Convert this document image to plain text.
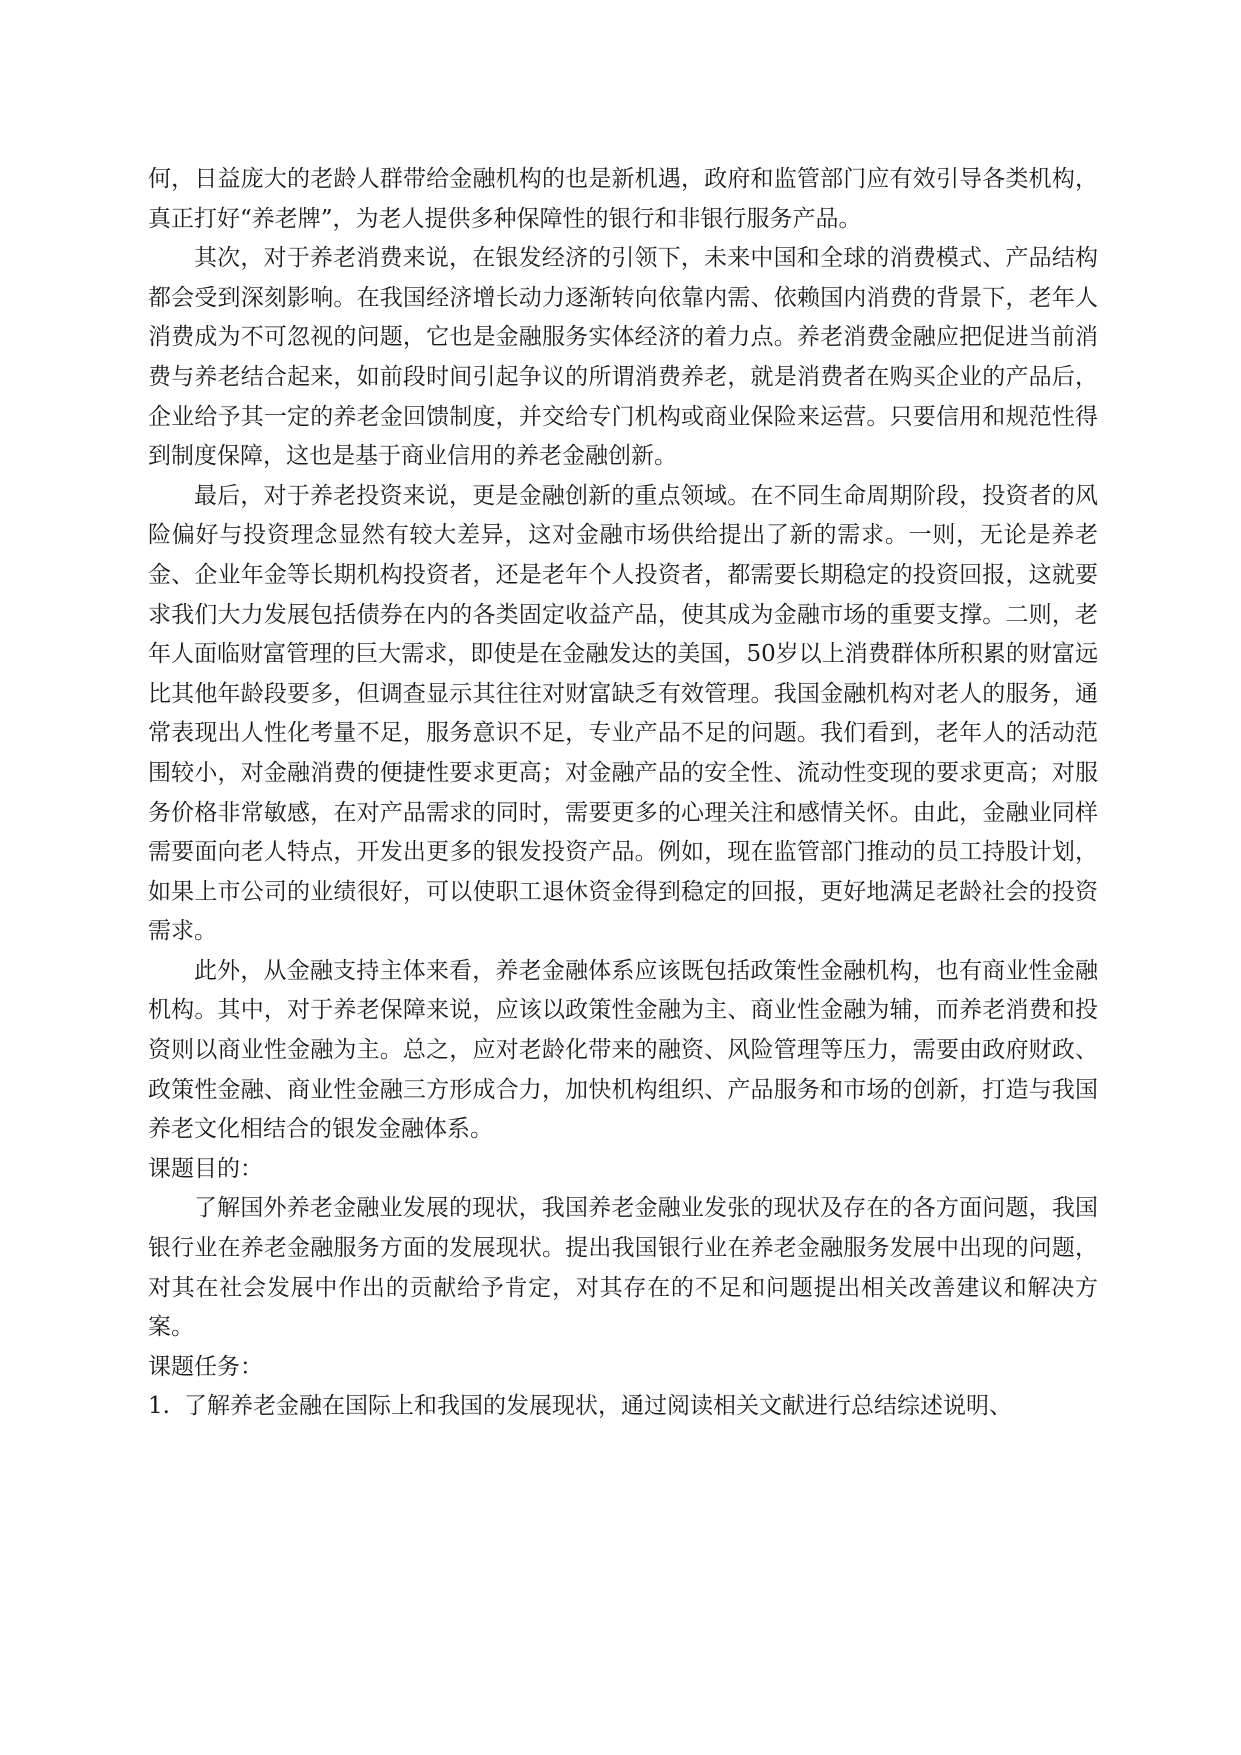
何，日益庞大的老龄人群带给金融机构的也是新机遇，政府和监管部门应有效引导各类机构，真正打好“养老牌”，为老人提供多种保障性的银行和非银行服务产品。

其次，对于养老消费来说，在银发经济的引领下，未来中国和全球的消费模式、产品结构都会受到深刻影响。在我国经济增长动力逐渐转向依靠内需、依赖国内消费的背景下，老年人消费成为不可忽视的问题，它也是金融服务实体经济的着力点。养老消费金融应把促进当前消费与养老结合起来，如前段时间引起争议的所谓消费养老，就是消费者在购买企业的产品后，企业给予其一定的养老金回馈制度，并交给专门机构或商业保险来运营。只要信用和规范性得到制度保障，这也是基于商业信用的养老金融创新。

最后，对于养老投资来说，更是金融创新的重点领域。在不同生命周期阶段，投资者的风险偏好与投资理念显然有较大差异，这对金融市场供给提出了新的需求。一则，无论是养老金、企业年金等长期机构投资者，还是老年个人投资者，都需要长期稳定的投资回报，这就要求我们大力发展包括债券在内的各类固定收益产品，使其成为金融市场的重要支撑。二则，老年人面临财富管理的巨大需求，即使是在金融发达的美国，50岁以上消费群体所积累的财富远比其他年龄段要多，但调查显示其往往对财富缺乏有效管理。我国金融机构对老人的服务，通常表现出人性化考量不足，服务意识不足，专业产品不足的问题。我们看到，老年人的活动范围较小，对金融消费的便捷性要求更高；对金融产品的安全性、流动性变现的要求更高；对服务价格非常敏感，在对产品需求的同时，需要更多的心理关注和感情关怀。由此，金融业同样需要面向老人特点，开发出更多的银发投资产品。例如，现在监管部门推动的员工持股计划，如果上市公司的业绩很好，可以使职工退休资金得到稳定的回报，更好地满足老龄社会的投资需求。

此外，从金融支持主体来看，养老金融体系应该既包括政策性金融机构，也有商业性金融机构。其中，对于养老保障来说，应该以政策性金融为主、商业性金融为辅，而养老消费和投资则以商业性金融为主。总之，应对老龄化带来的融资、风险管理等压力，需要由政府财政、政策性金融、商业性金融三方形成合力，加快机构组织、产品服务和市场的创新，打造与我国养老文化相结合的银发金融体系。

课题目的：

了解国外养老金融业发展的现状，我国养老金融业发张的现状及存在的各方面问题，我国银行业在养老金融服务方面的发展现状。提出我国银行业在养老金融服务发展中出现的问题，对其在社会发展中作出的贡献给予肯定，对其存在的不足和问题提出相关改善建议和解决方案。

课题任务：

1. 了解养老金融在国际上和我国的发展现状，通过阅读相关文献进行总结综述说明、
